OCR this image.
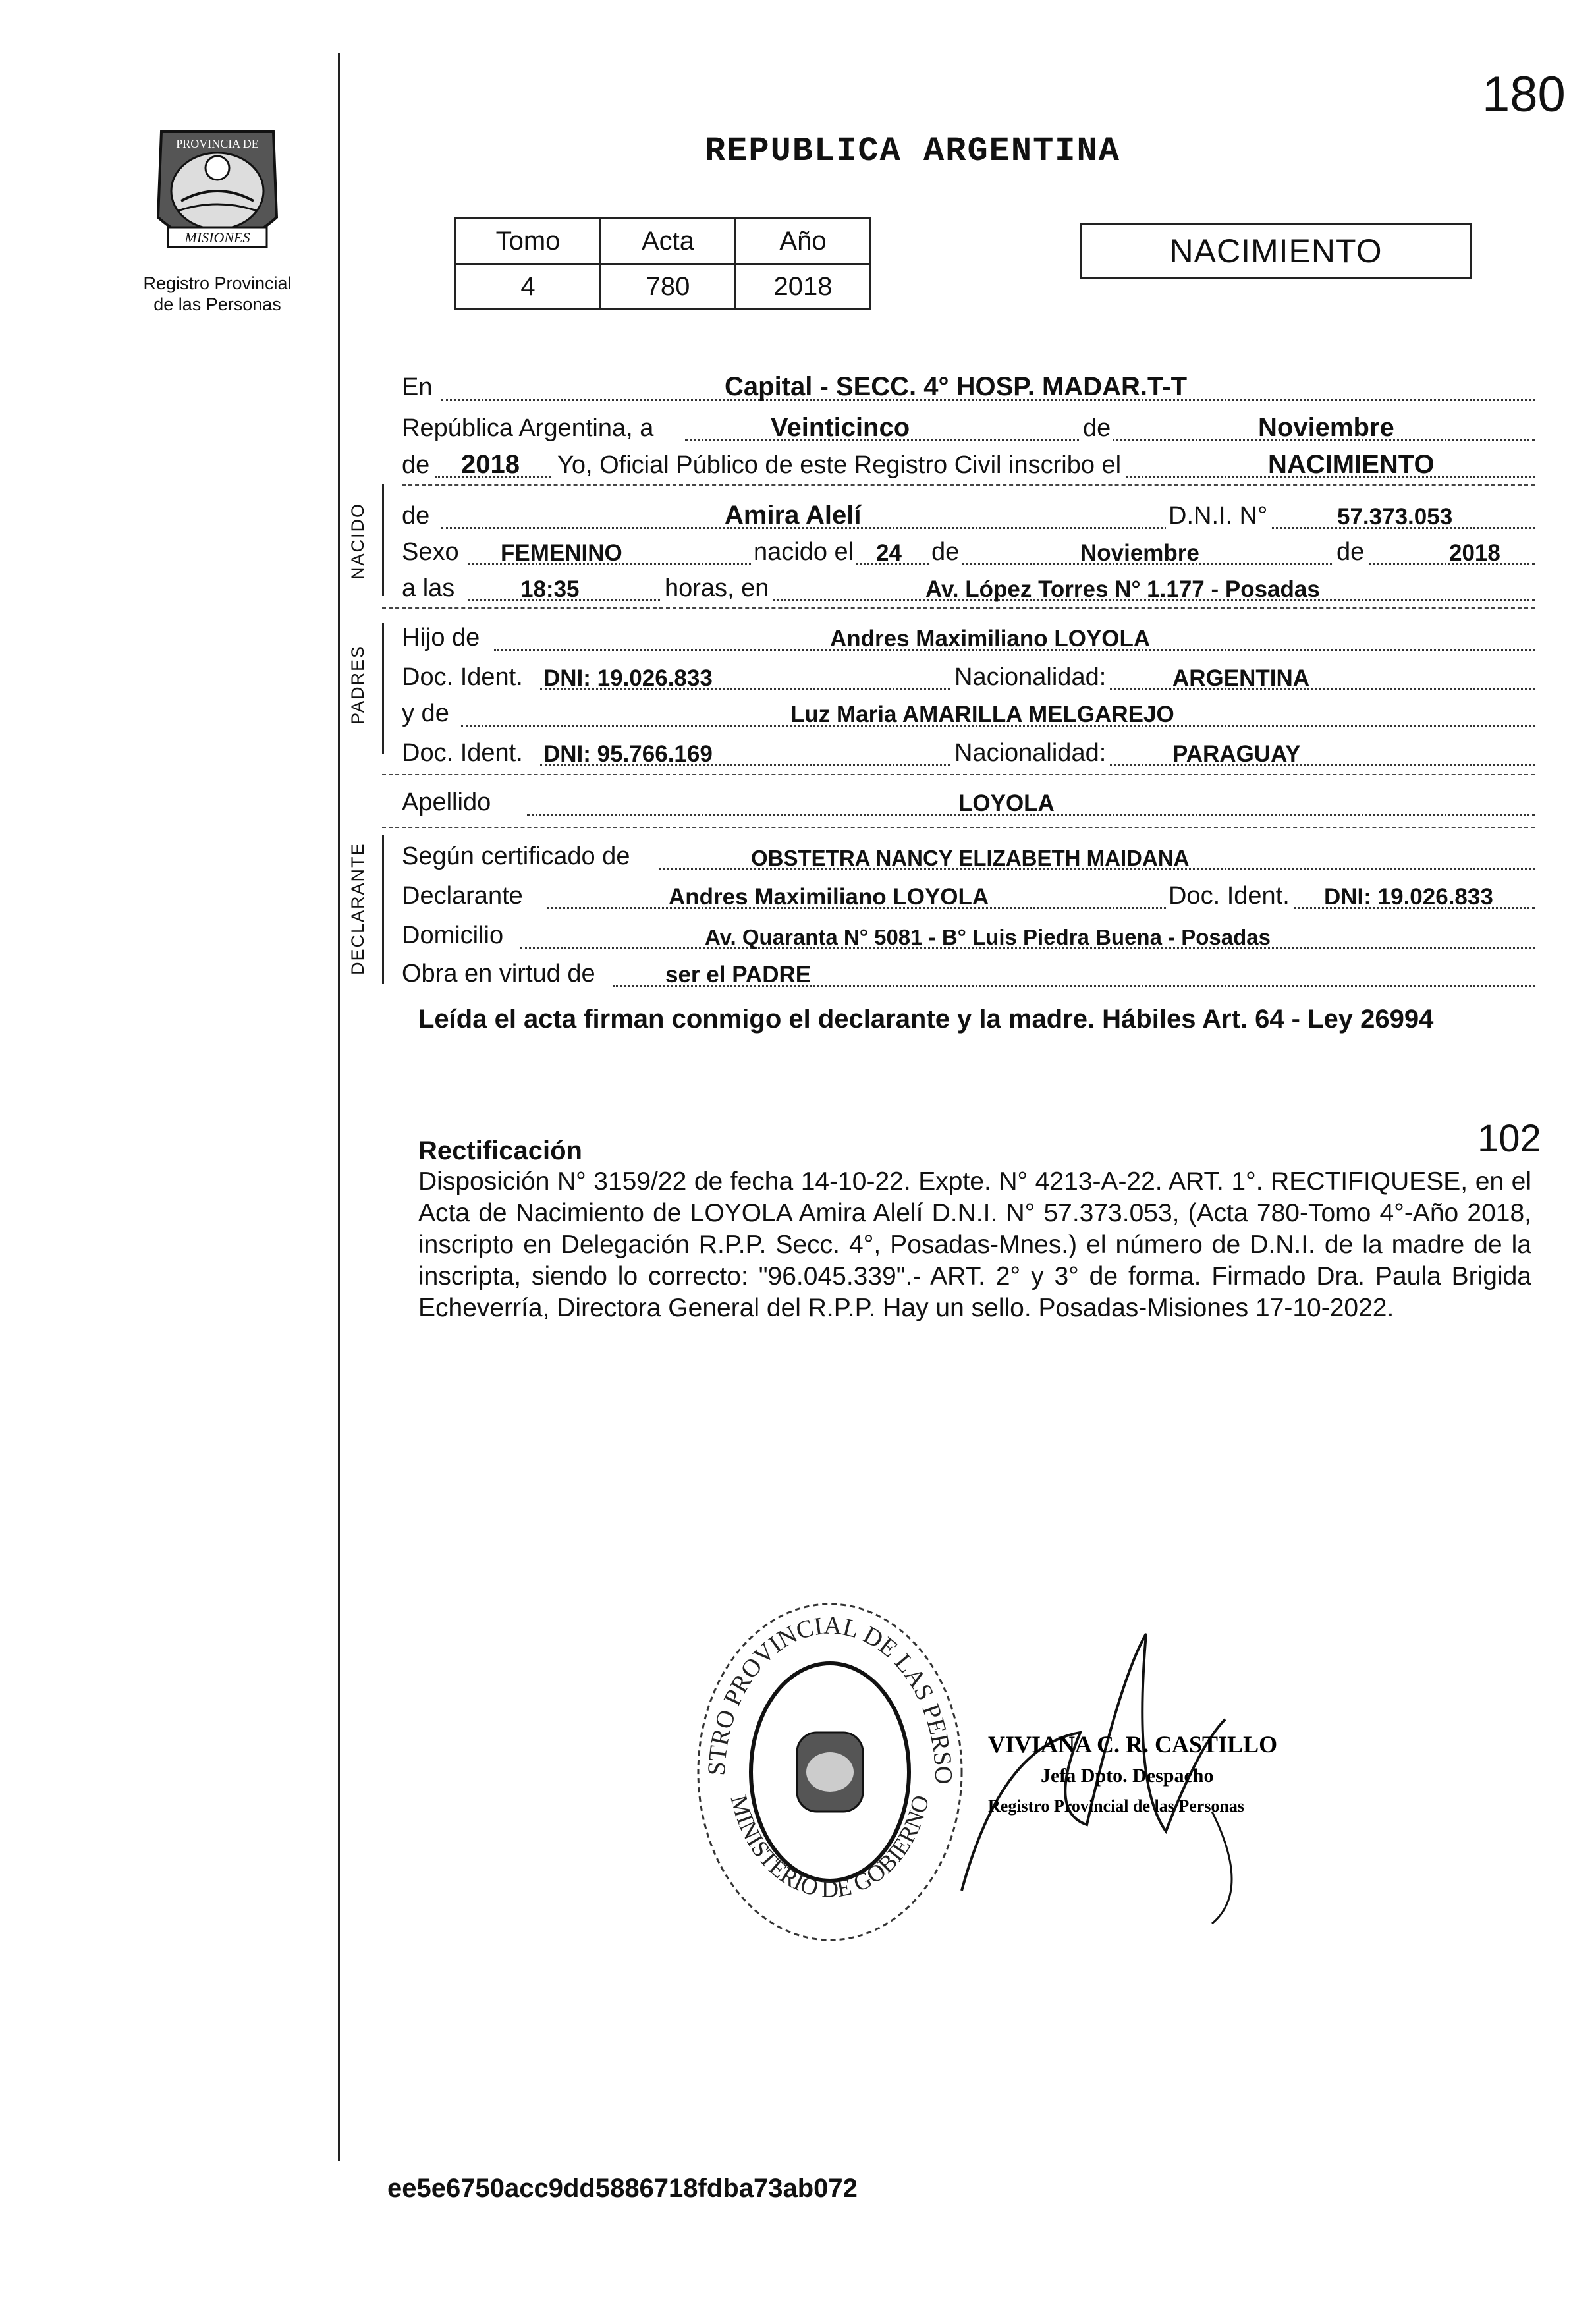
MISIONES
PROVINCIA DE
Registro Provincial
de las Personas
180
REPUBLICA ARGENTINA
Tomo	Acta	Año
4	780	2018
NACIMIENTO
En	Capital - SECC. 4° HOSP. MADAR.T-T
República Argentina, a	Veinticinco	de	Noviembre
de 2018 Yo, Oficial Público de este Registro Civil inscribo el	NACIMIENTO
NACIDO de	Amira Alelí	D.N.I. N°	57.373.053
Sexo FEMENINO	nacido el 24 de	Noviembre	de	2018
a las	18:35	horas, en	Av. López Torres N° 1.177 - Posadas
PADRES
Hijo de	Andres Maximiliano LOYOLA
Doc. Ident. DNI: 19.026.833	Nacionalidad:	ARGENTINA
y de	Luz Maria AMARILLA MELGAREJO
Doc. Ident. DNI: 95.766.169	Nacionalidad:	PARAGUAY
Apellido	LOYOLA
DECLARANTE Según certificado de	OBSTETRA NANCY ELIZABETH MAIDANA
Declarante	Andres Maximiliano LOYOLA	Doc. Ident. DNI: 19.026.833
Domicilio	Av. Quaranta N° 5081 - B° Luis Piedra Buena - Posadas
Obra en virtud de	ser el PADRE
Leída el acta firman conmigo el declarante y la madre. Hábiles Art. 64 - Ley 26994
102
Rectificación
Disposición N° 3159/22 de fecha 14-10-22. Expte. N° 4213-A-22. ART. 1°. RECTIFIQUESE, en el Acta de Nacimiento de LOYOLA Amira Alelí D.N.I. N° 57.373.053, (Acta 780-Tomo 4°-Año 2018, inscripto en Delegación R.P.P. Secc. 4°, Posadas-Mnes.) el número de D.N.I. de la madre de la inscripta, siendo lo correcto: "96.045.339".- ART. 2° y 3° de forma. Firmado Dra. Paula Brigida Echeverría, Directora General del R.P.P. Hay un sello. Posadas-Misiones 17-10-2022.
STRO PROVINCIAL DE LAS PERSO
MINISTERIO DE GOBIERNO
VIVIANA C. R. CASTILLO
Jefa Dpto. Despacho
Registro Provincial de las Personas
ee5e6750acc9dd5886718fdba73ab072
